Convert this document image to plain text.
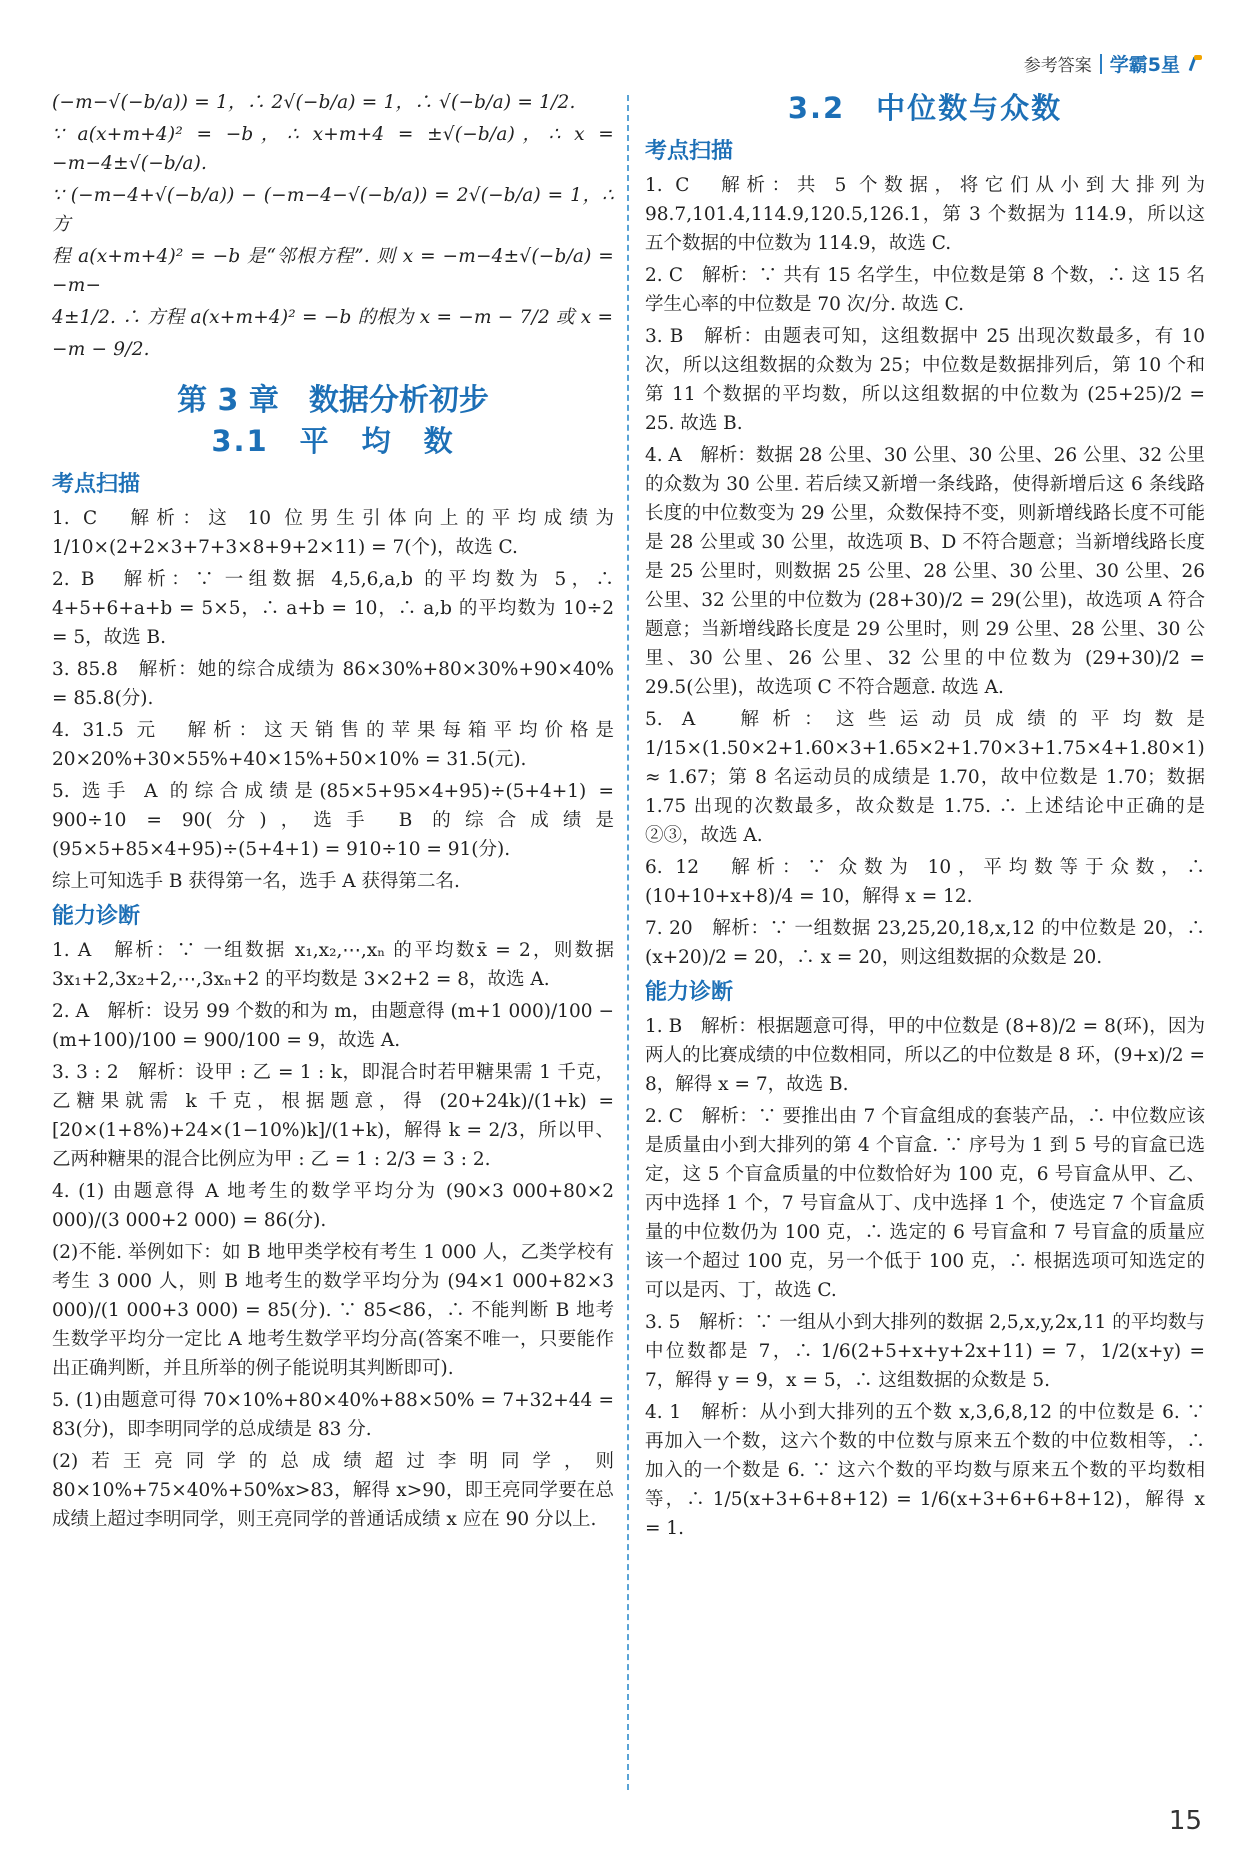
参考答案 学霸5星

(−m−√(−b/a)) = 1，∴ 2√(−b/a) = 1，∴ √(−b/a) = 1/2.

∵ a(x+m+4)² = −b，∴ x+m+4 = ±√(−b/a)，∴ x = −m−4±√(−b/a).

∵ (−m−4+√(−b/a)) − (−m−4−√(−b/a)) = 2√(−b/a) = 1，∴ 方

程 a(x+m+4)² = −b 是“邻根方程”. 则 x = −m−4±√(−b/a) = −m−

4±1/2. ∴ 方程 a(x+m+4)² = −b 的根为 x = −m − 7/2 或 x =

−m − 9/2.

第 3 章　数据分析初步
3.1　平　均　数
考点扫描

1. C　解析：这 10 位男生引体向上的平均成绩为 1/10×(2+2×3+7+3×8+9+2×11) = 7(个)，故选 C.

2. B　解析：∵ 一组数据 4,5,6,a,b 的平均数为 5，∴ 4+5+6+a+b = 5×5，∴ a+b = 10，∴ a,b 的平均数为 10÷2 = 5，故选 B.

3. 85.8　解析：她的综合成绩为 86×30%+80×30%+90×40% = 85.8(分).

4. 31.5 元　解析：这天销售的苹果每箱平均价格是 20×20%+30×55%+40×15%+50×10% = 31.5(元).

5. 选手 A 的综合成绩是(85×5+95×4+95)÷(5+4+1) = 900÷10 = 90(分)，选手 B 的综合成绩是(95×5+85×4+95)÷(5+4+1) = 910÷10 = 91(分).

综上可知选手 B 获得第一名，选手 A 获得第二名.

能力诊断

1. A　解析：∵ 一组数据 x₁,x₂,⋯,xₙ 的平均数x̄ = 2，则数据 3x₁+2,3x₂+2,⋯,3xₙ+2 的平均数是 3×2+2 = 8，故选 A.

2. A　解析：设另 99 个数的和为 m，由题意得 (m+1 000)/100 − (m+100)/100 = 900/100 = 9，故选 A.

3. 3 : 2　解析：设甲 : 乙 = 1 : k，即混合时若甲糖果需 1 千克，乙糖果就需 k 千克，根据题意，得 (20+24k)/(1+k) = [20×(1+8%)+24×(1−10%)k]/(1+k)，解得 k = 2/3，所以甲、乙两种糖果的混合比例应为甲 : 乙 = 1 : 2/3 = 3 : 2.

4. (1) 由题意得 A 地考生的数学平均分为 (90×3 000+80×2 000)/(3 000+2 000) = 86(分).

(2)不能. 举例如下：如 B 地甲类学校有考生 1 000 人，乙类学校有考生 3 000 人，则 B 地考生的数学平均分为 (94×1 000+82×3 000)/(1 000+3 000) = 85(分). ∵ 85<86，∴ 不能判断 B 地考生数学平均分一定比 A 地考生数学平均分高(答案不唯一，只要能作出正确判断，并且所举的例子能说明其判断即可).

5. (1)由题意可得 70×10%+80×40%+88×50% = 7+32+44 = 83(分)，即李明同学的总成绩是 83 分.

(2)若王亮同学的总成绩超过李明同学，则 80×10%+75×40%+50%x>83，解得 x>90，即王亮同学要在总成绩上超过李明同学，则王亮同学的普通话成绩 x 应在 90 分以上.

3.2　中位数与众数
考点扫描

1. C　解析：共 5 个数据，将它们从小到大排列为 98.7,101.4,114.9,120.5,126.1，第 3 个数据为 114.9，所以这五个数据的中位数为 114.9，故选 C.

2. C　解析：∵ 共有 15 名学生，中位数是第 8 个数，∴ 这 15 名学生心率的中位数是 70 次/分. 故选 C.

3. B　解析：由题表可知，这组数据中 25 出现次数最多，有 10 次，所以这组数据的众数为 25；中位数是数据排列后，第 10 个和第 11 个数据的平均数，所以这组数据的中位数为 (25+25)/2 = 25. 故选 B.

4. A　解析：数据 28 公里、30 公里、30 公里、26 公里、32 公里的众数为 30 公里. 若后续又新增一条线路，使得新增后这 6 条线路长度的中位数变为 29 公里，众数保持不变，则新增线路长度不可能是 28 公里或 30 公里，故选项 B、D 不符合题意；当新增线路长度是 25 公里时，则数据 25 公里、28 公里、30 公里、30 公里、26 公里、32 公里的中位数为 (28+30)/2 = 29(公里)，故选项 A 符合题意；当新增线路长度是 29 公里时，则 29 公里、28 公里、30 公里、30 公里、26 公里、32 公里的中位数为 (29+30)/2 = 29.5(公里)，故选项 C 不符合题意. 故选 A.

5. A　解析：这些运动员成绩的平均数是 1/15×(1.50×2+1.60×3+1.65×2+1.70×3+1.75×4+1.80×1) ≈ 1.67；第 8 名运动员的成绩是 1.70，故中位数是 1.70；数据 1.75 出现的次数最多，故众数是 1.75. ∴ 上述结论中正确的是②③，故选 A.

6. 12　解析：∵ 众数为 10，平均数等于众数，∴ (10+10+x+8)/4 = 10，解得 x = 12.

7. 20　解析：∵ 一组数据 23,25,20,18,x,12 的中位数是 20，∴ (x+20)/2 = 20，∴ x = 20，则这组数据的众数是 20.

能力诊断

1. B　解析：根据题意可得，甲的中位数是 (8+8)/2 = 8(环)，因为两人的比赛成绩的中位数相同，所以乙的中位数是 8 环，(9+x)/2 = 8，解得 x = 7，故选 B.

2. C　解析：∵ 要推出由 7 个盲盒组成的套装产品，∴ 中位数应该是质量由小到大排列的第 4 个盲盒. ∵ 序号为 1 到 5 号的盲盒已选定，这 5 个盲盒质量的中位数恰好为 100 克，6 号盲盒从甲、乙、丙中选择 1 个，7 号盲盒从丁、戊中选择 1 个，使选定 7 个盲盒质量的中位数仍为 100 克，∴ 选定的 6 号盲盒和 7 号盲盒的质量应该一个超过 100 克，另一个低于 100 克，∴ 根据选项可知选定的可以是丙、丁，故选 C.

3. 5　解析：∵ 一组从小到大排列的数据 2,5,x,y,2x,11 的平均数与中位数都是 7，∴ 1/6(2+5+x+y+2x+11) = 7，1/2(x+y) = 7，解得 y = 9，x = 5，∴ 这组数据的众数是 5.

4. 1　解析：从小到大排列的五个数 x,3,6,8,12 的中位数是 6. ∵ 再加入一个数，这六个数的中位数与原来五个数的中位数相等，∴ 加入的一个数是 6. ∵ 这六个数的平均数与原来五个数的平均数相等，∴ 1/5(x+3+6+8+12) = 1/6(x+3+6+6+8+12)，解得 x = 1.

15
